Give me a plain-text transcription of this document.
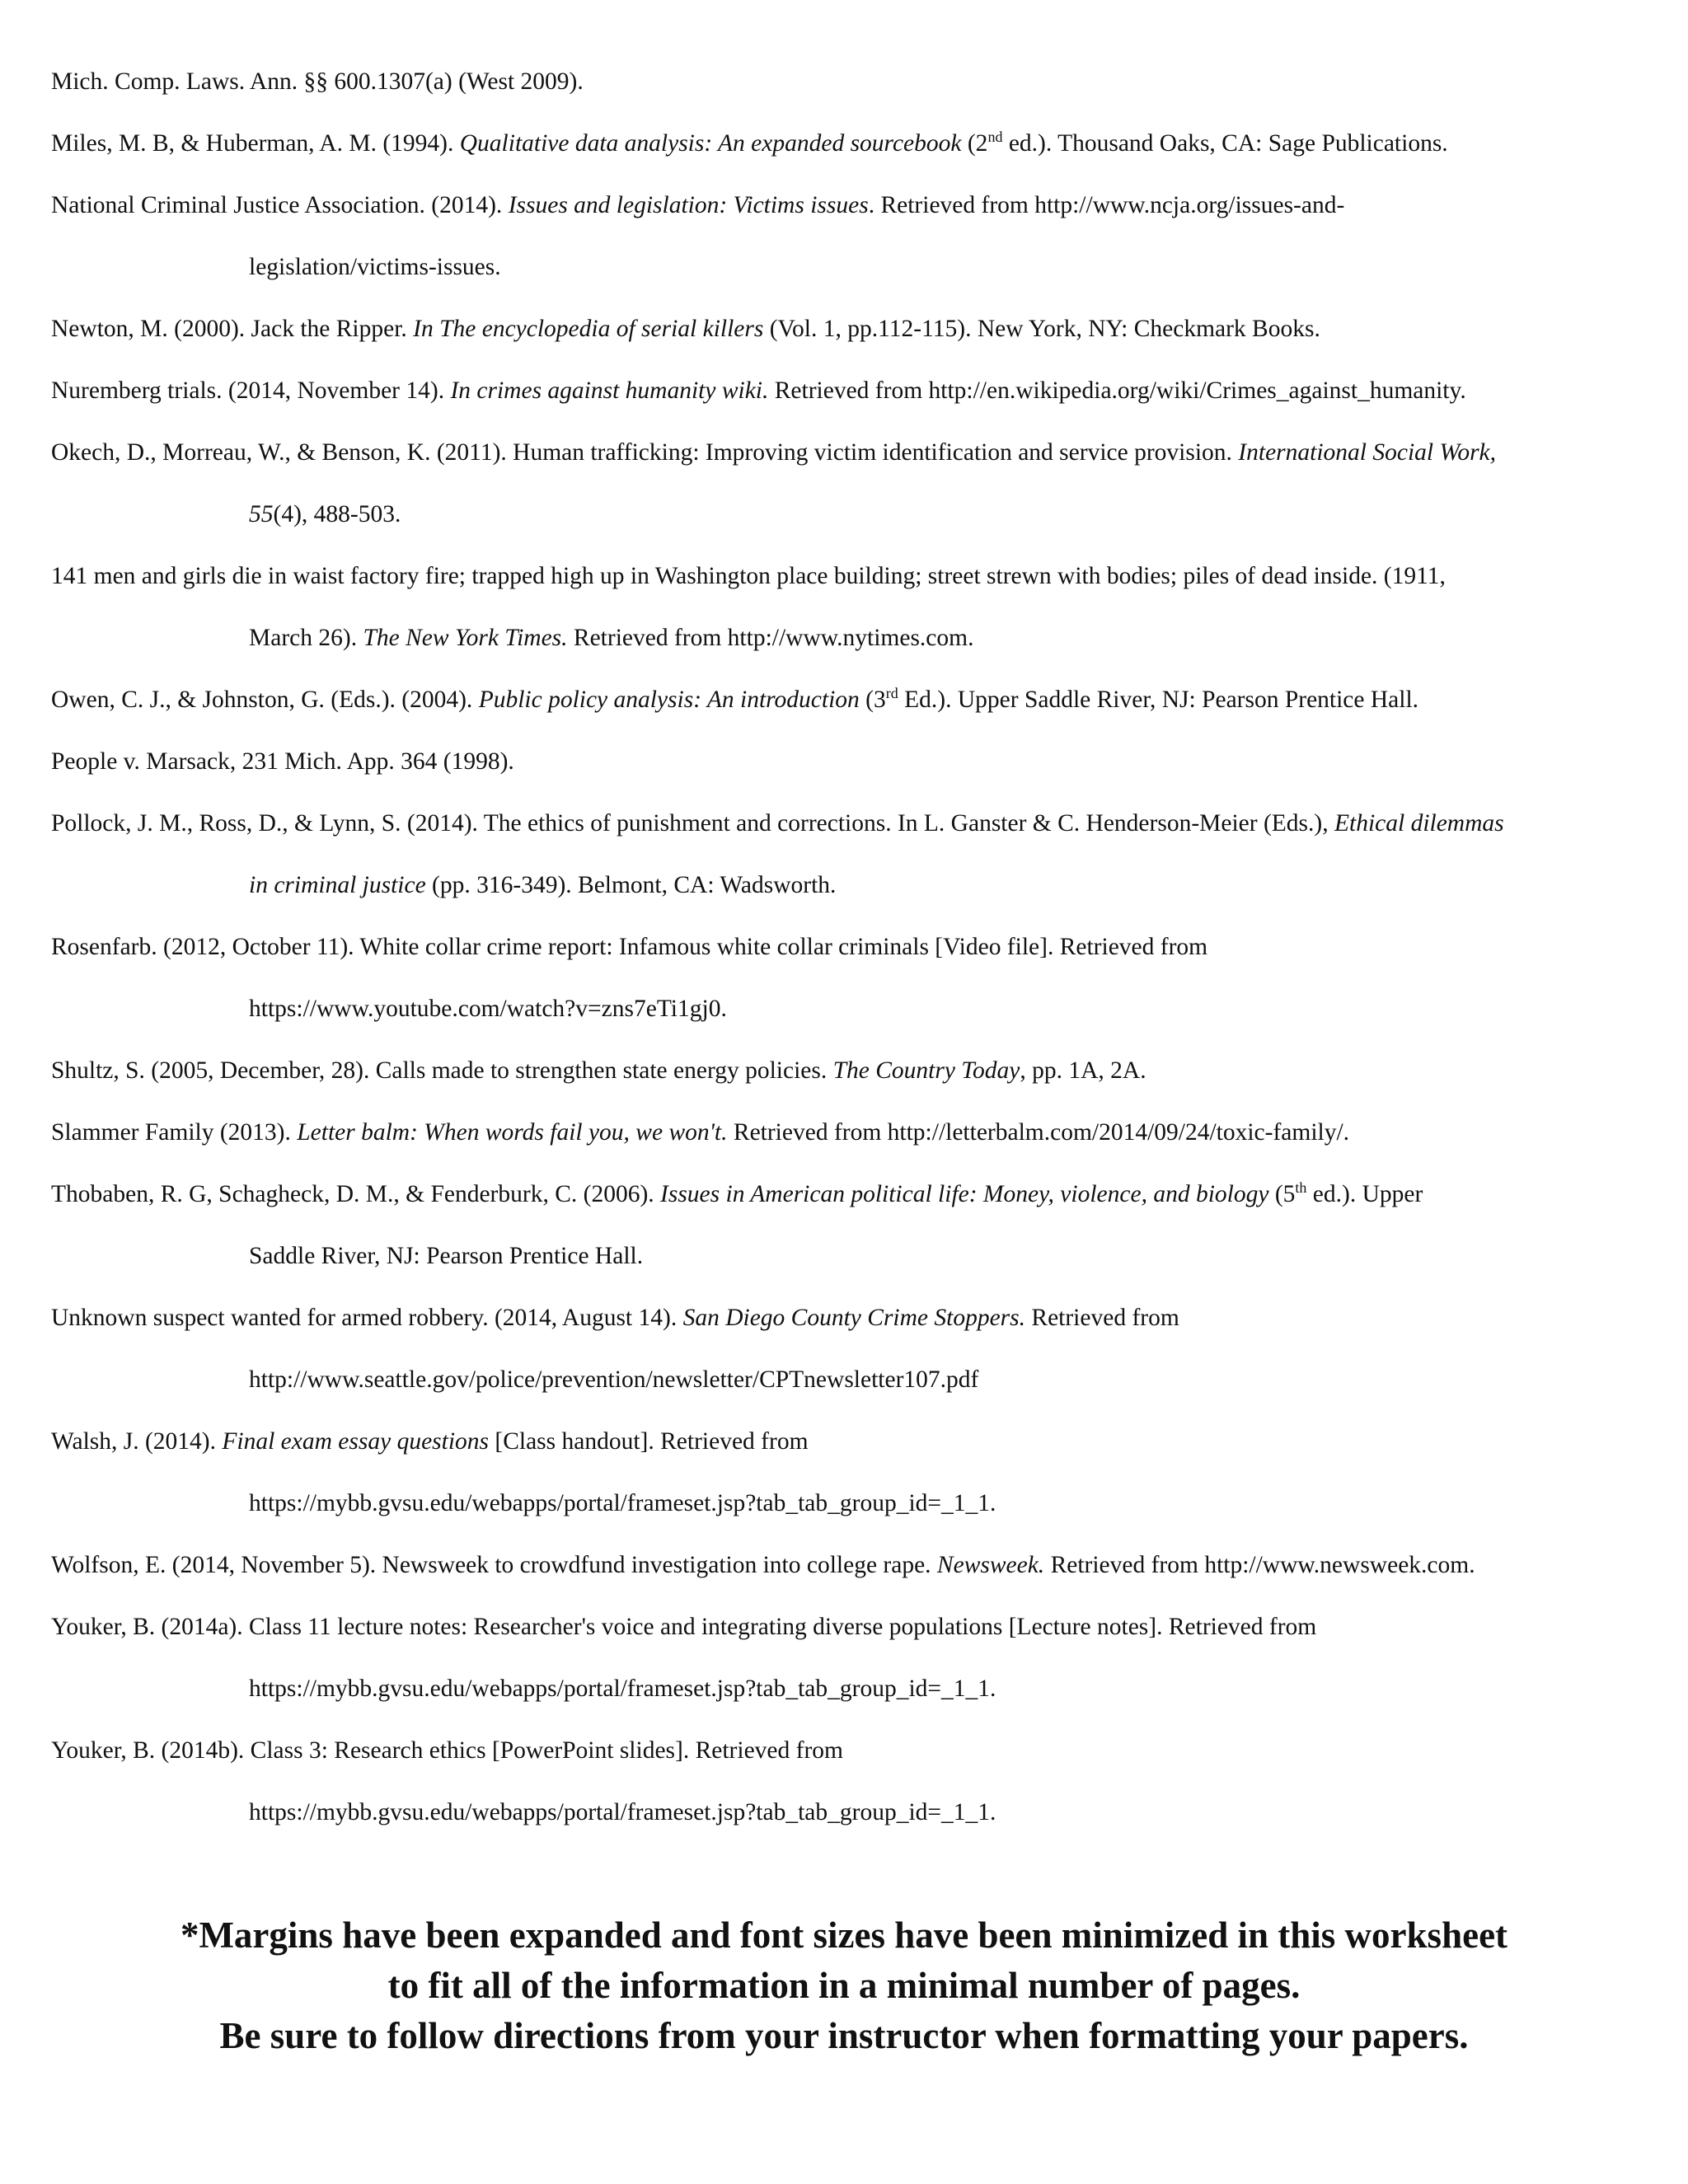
Mich. Comp. Laws. Ann. §§ 600.1307(a) (West 2009).

Miles, M. B, & Huberman, A. M. (1994). Qualitative data analysis: An expanded sourcebook (2nd ed.). Thousand Oaks, CA: Sage Publications.

National Criminal Justice Association. (2014). Issues and legislation: Victims issues. Retrieved from http://www.ncja.org/issues-and-
legislation/victims-issues.

Newton, M. (2000). Jack the Ripper. In The encyclopedia of serial killers (Vol. 1, pp.112-115). New York, NY: Checkmark Books.

Nuremberg trials. (2014, November 14). In crimes against humanity wiki. Retrieved from http://en.wikipedia.org/wiki/Crimes_against_humanity.

Okech, D., Morreau, W., & Benson, K. (2011). Human trafficking: Improving victim identification and service provision. International Social Work,
55(4), 488-503.

141 men and girls die in waist factory fire; trapped high up in Washington place building; street strewn with bodies; piles of dead inside. (1911,
March 26). The New York Times. Retrieved from http://www.nytimes.com.

Owen, C. J., & Johnston, G. (Eds.). (2004). Public policy analysis: An introduction (3rd Ed.). Upper Saddle River, NJ: Pearson Prentice Hall.

People v. Marsack, 231 Mich. App. 364 (1998).

Pollock, J. M., Ross, D., & Lynn, S. (2014). The ethics of punishment and corrections. In L. Ganster & C. Henderson-Meier (Eds.), Ethical dilemmas
in criminal justice (pp. 316-349). Belmont, CA: Wadsworth.

Rosenfarb. (2012, October 11). White collar crime report: Infamous white collar criminals [Video file]. Retrieved from
https://www.youtube.com/watch?v=zns7eTi1gj0.

Shultz, S. (2005, December, 28). Calls made to strengthen state energy policies. The Country Today, pp. 1A, 2A.

Slammer Family (2013). Letter balm: When words fail you, we won't. Retrieved from http://letterbalm.com/2014/09/24/toxic-family/.

Thobaben, R. G, Schagheck, D. M., & Fenderburk, C. (2006). Issues in American political life: Money, violence, and biology (5th ed.). Upper
Saddle River, NJ: Pearson Prentice Hall.

Unknown suspect wanted for armed robbery. (2014, August 14). San Diego County Crime Stoppers. Retrieved from
http://www.seattle.gov/police/prevention/newsletter/CPTnewsletter107.pdf

Walsh, J. (2014). Final exam essay questions [Class handout]. Retrieved from
https://mybb.gvsu.edu/webapps/portal/frameset.jsp?tab_tab_group_id=_1_1.

Wolfson, E. (2014, November 5). Newsweek to crowdfund investigation into college rape. Newsweek. Retrieved from http://www.newsweek.com.

Youker, B. (2014a). Class 11 lecture notes: Researcher's voice and integrating diverse populations [Lecture notes]. Retrieved from
https://mybb.gvsu.edu/webapps/portal/frameset.jsp?tab_tab_group_id=_1_1.

Youker, B. (2014b). Class 3: Research ethics [PowerPoint slides]. Retrieved from
https://mybb.gvsu.edu/webapps/portal/frameset.jsp?tab_tab_group_id=_1_1.

*Margins have been expanded and font sizes have been minimized in this worksheet
to fit all of the information in a minimal number of pages.
Be sure to follow directions from your instructor when formatting your papers.
